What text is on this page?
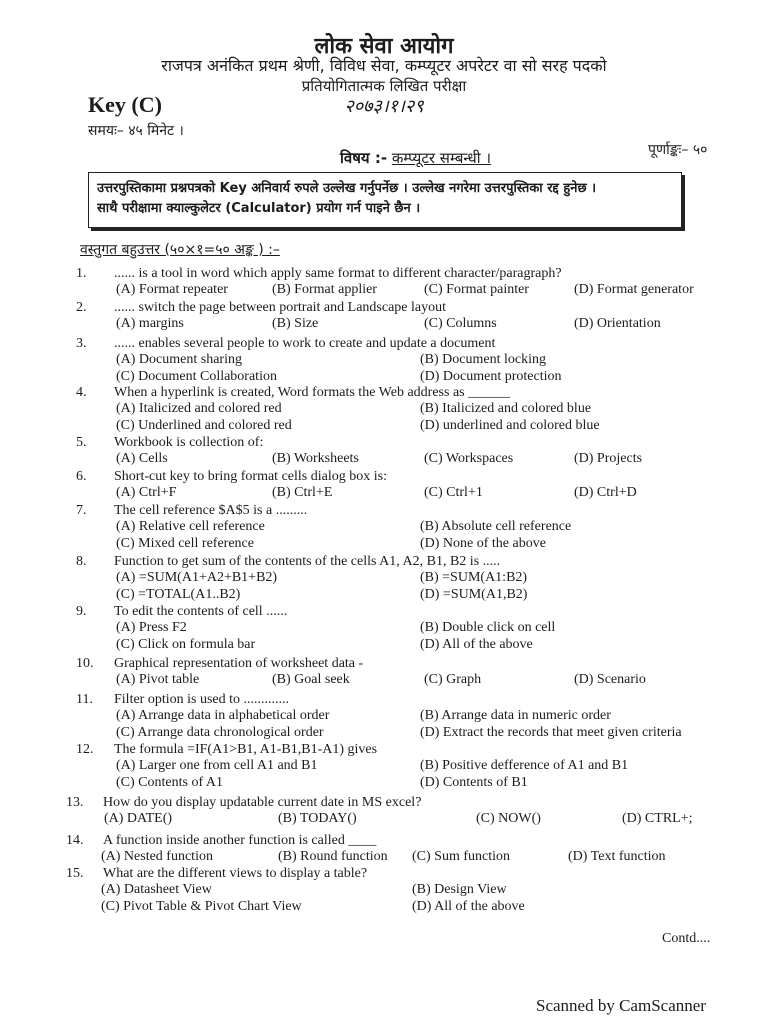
लोक सेवा आयोग
राजपत्र अनंकित प्रथम श्रेणी, विविध सेवा, कम्प्यूटर अपरेटर वा सो सरह पदको
प्रतियोगितात्मक लिखित परीक्षा
२०७३।१।२९
Key (C)
समयः– ४५ मिनेट ।
पूर्णाङ्कः– ५०
विषय :- कम्प्यूटर सम्बन्धी ।
उत्तरपुस्तिकामा प्रश्नपत्रको Key अनिवार्य रुपले उल्लेख गर्नुपर्नेछ । उल्लेख नगरेमा उत्तरपुस्तिका रद्द हुनेछ ।
साथै परीक्षामा क्याल्कुलेटर (Calculator) प्रयोग गर्न पाइने छैन ।
वस्तुगत बहुउत्तर (५०×१=५० अङ्क ) :–
1. ...... is a tool in word which apply same format to different character/paragraph?
(A) Format repeater	(B) Format applier	(C) Format painter	(D) Format generator
2. ...... switch the page between portrait and Landscape layout
(A) margins	(B) Size	(C) Columns	(D) Orientation
3. ...... enables several people to work to create and update a document
(A) Document sharing	(B) Document locking
(C) Document Collaboration	(D) Document protection
4. When a hyperlink is created, Word formats the Web address as ______
(A) Italicized and colored red	(B) Italicized and colored blue
(C) Underlined and colored red	(D) underlined and colored blue
5. Workbook is collection of:
(A) Cells	(B) Worksheets	(C) Workspaces	(D) Projects
6. Short-cut key to bring format cells dialog box is:
(A) Ctrl+F	(B) Ctrl+E	(C) Ctrl+1	(D) Ctrl+D
7. The cell reference $A$5 is a .........
(A) Relative cell reference	(B) Absolute cell reference
(C) Mixed cell reference	(D) None of the above
8. Function to get sum of the contents of the cells A1, A2, B1, B2 is .....
(A) =SUM(A1+A2+B1+B2)	(B) =SUM(A1:B2)
(C) =TOTAL(A1..B2)	(D) =SUM(A1,B2)
9. To edit the contents of cell ......
(A) Press F2	(B) Double click on cell
(C) Click on formula bar	(D) All of the above
10. Graphical representation of worksheet data -
(A) Pivot table	(B) Goal seek	(C) Graph	(D) Scenario
11. Filter option is used to .............
(A) Arrange data in alphabetical order	(B) Arrange data in numeric order
(C) Arrange data chronological order	(D) Extract the records that meet given criteria
12. The formula =IF(A1>B1, A1-B1,B1-A1) gives
(A) Larger one from cell A1 and B1	(B) Positive defference of A1 and B1
(C) Contents of A1	(D) Contents of B1
13. How do you display updatable current date in MS excel?
(A) DATE()	(B) TODAY()	(C) NOW()	(D) CTRL+;
14. A function inside another function is called ____
(A) Nested function	(B) Round function (C) Sum function	(D) Text function
15. What are the different views to display a table?
(A) Datasheet View	(B) Design View
(C) Pivot Table & Pivot Chart View	(D) All of the above
Contd....
Scanned by CamScanner
